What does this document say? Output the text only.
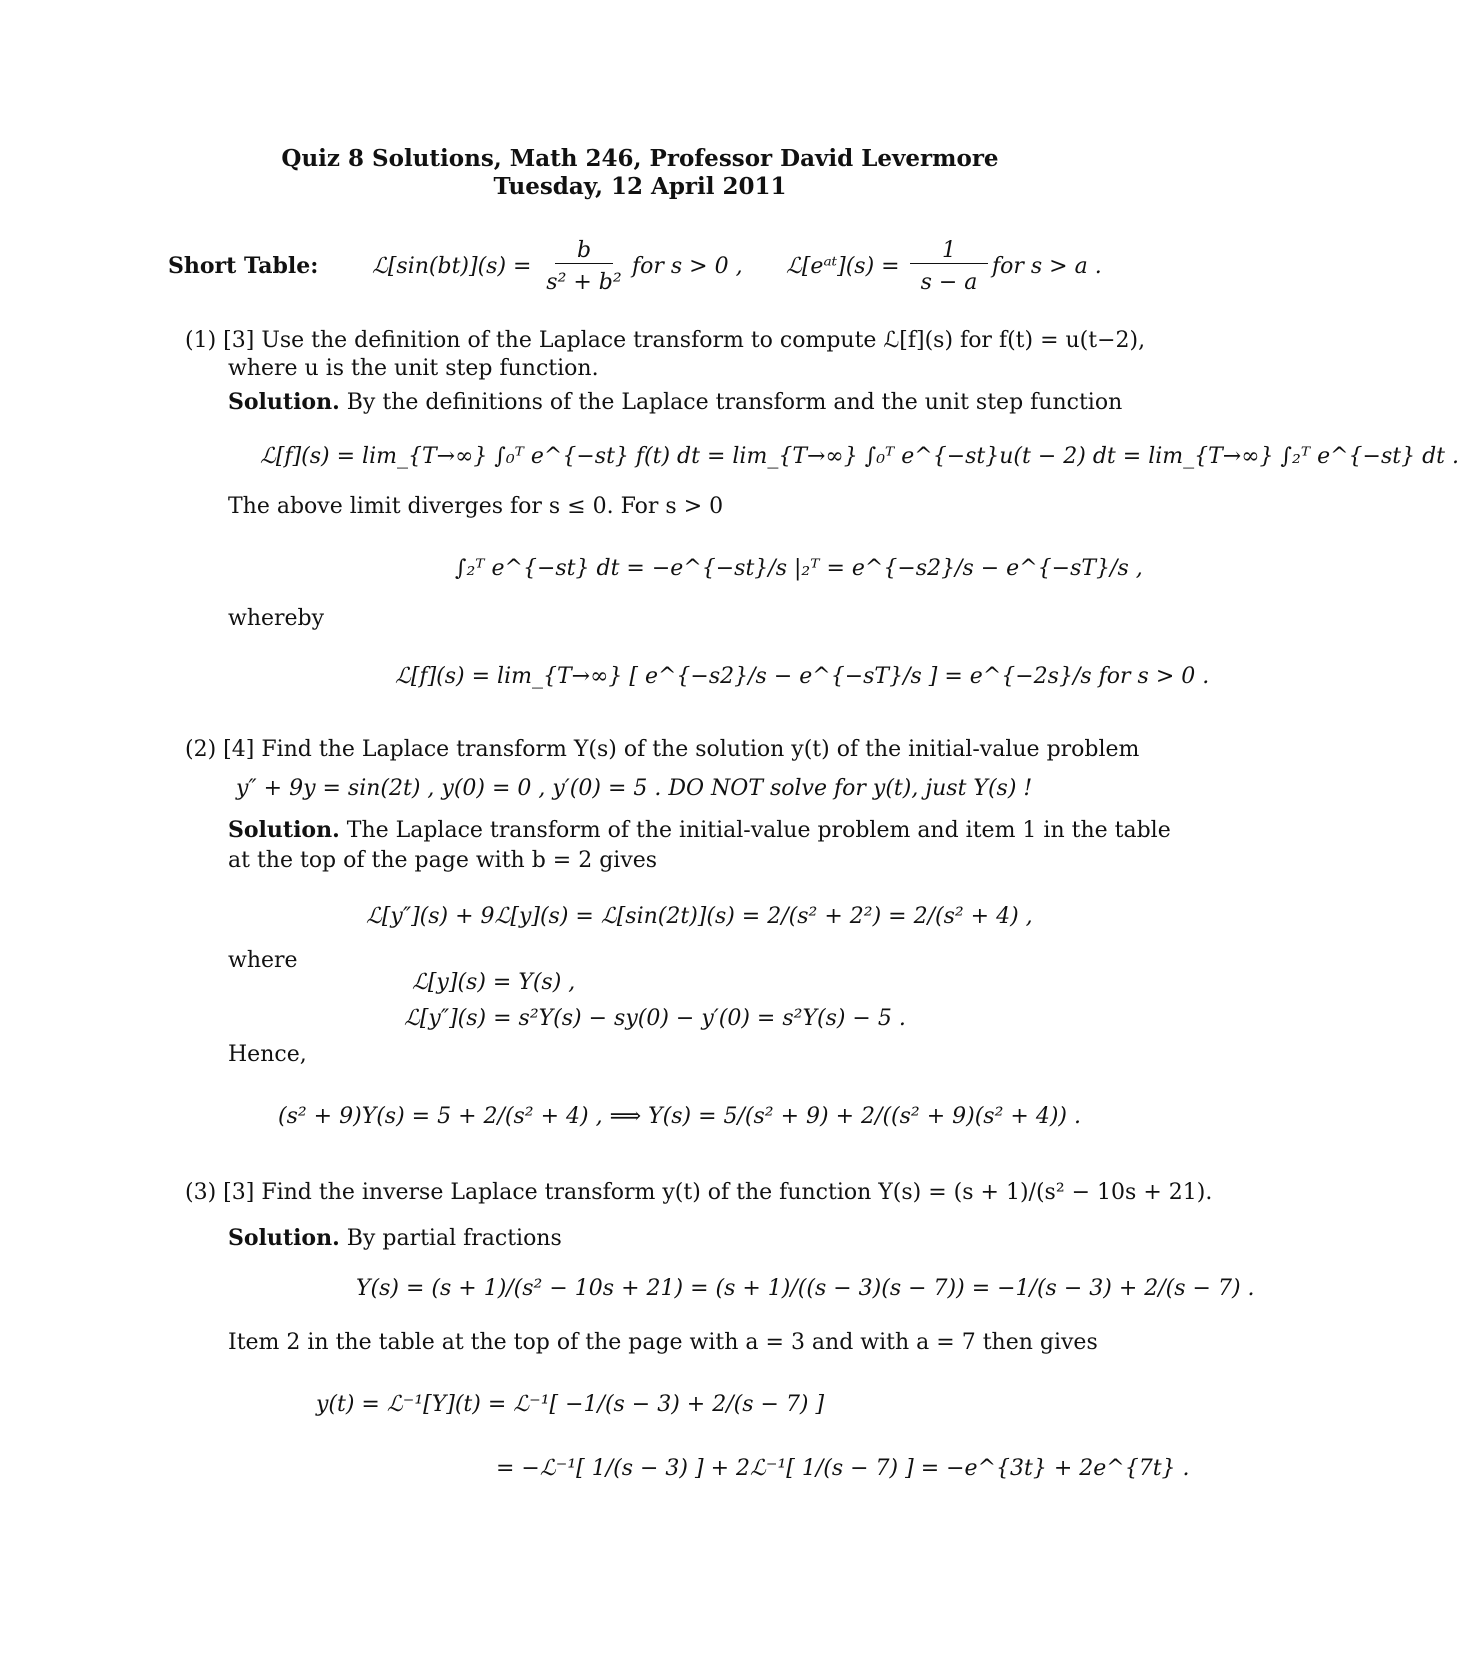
Quiz 8 Solutions, Math 246, Professor David Levermore
Tuesday, 12 April 2011
Short Table: ℒ[sin(bt)](s) =
b
s² + b²
for s > 0 , ℒ[eᵃᵗ](s) =
1
s − a
for s > a .
(1) [3] Use the definition of the Laplace transform to compute ℒ[f](s) for f(t) = u(t−2),
where u is the unit step function.
Solution. By the definitions of the Laplace transform and the unit step function
ℒ[f](s) = lim_{T→∞} ∫₀ᵀ e^{−st} f(t) dt = lim_{T→∞} ∫₀ᵀ e^{−st}u(t − 2) dt = lim_{T→∞} ∫₂ᵀ e^{−st} dt .
The above limit diverges for s ≤ 0. For s > 0
∫₂ᵀ e^{−st} dt = −e^{−st}/s |₂ᵀ = e^{−s2}/s − e^{−sT}/s ,
whereby
ℒ[f](s) = lim_{T→∞} [ e^{−s2}/s − e^{−sT}/s ] = e^{−2s}/s for s > 0 .
(2) [4] Find the Laplace transform Y(s) of the solution y(t) of the initial-value problem
y″ + 9y = sin(2t) , y(0) = 0 , y′(0) = 5 . DO NOT solve for y(t), just Y(s) !
Solution. The Laplace transform of the initial-value problem and item 1 in the table
at the top of the page with b = 2 gives
ℒ[y″](s) + 9ℒ[y](s) = ℒ[sin(2t)](s) = 2/(s² + 2²) = 2/(s² + 4) ,
where
ℒ[y](s) = Y(s) ,
ℒ[y″](s) = s²Y(s) − sy(0) − y′(0) = s²Y(s) − 5 .
Hence,
(s² + 9)Y(s) = 5 + 2/(s² + 4) , ⟹ Y(s) = 5/(s² + 9) + 2/((s² + 9)(s² + 4)) .
(3) [3] Find the inverse Laplace transform y(t) of the function Y(s) = (s + 1)/(s² − 10s + 21).
Solution. By partial fractions
Y(s) = (s + 1)/(s² − 10s + 21) = (s + 1)/((s − 3)(s − 7)) = −1/(s − 3) + 2/(s − 7) .
Item 2 in the table at the top of the page with a = 3 and with a = 7 then gives
y(t) = ℒ⁻¹[Y](t) = ℒ⁻¹[ −1/(s − 3) + 2/(s − 7) ]
= −ℒ⁻¹[ 1/(s − 3) ] + 2ℒ⁻¹[ 1/(s − 7) ] = −e^{3t} + 2e^{7t} .
